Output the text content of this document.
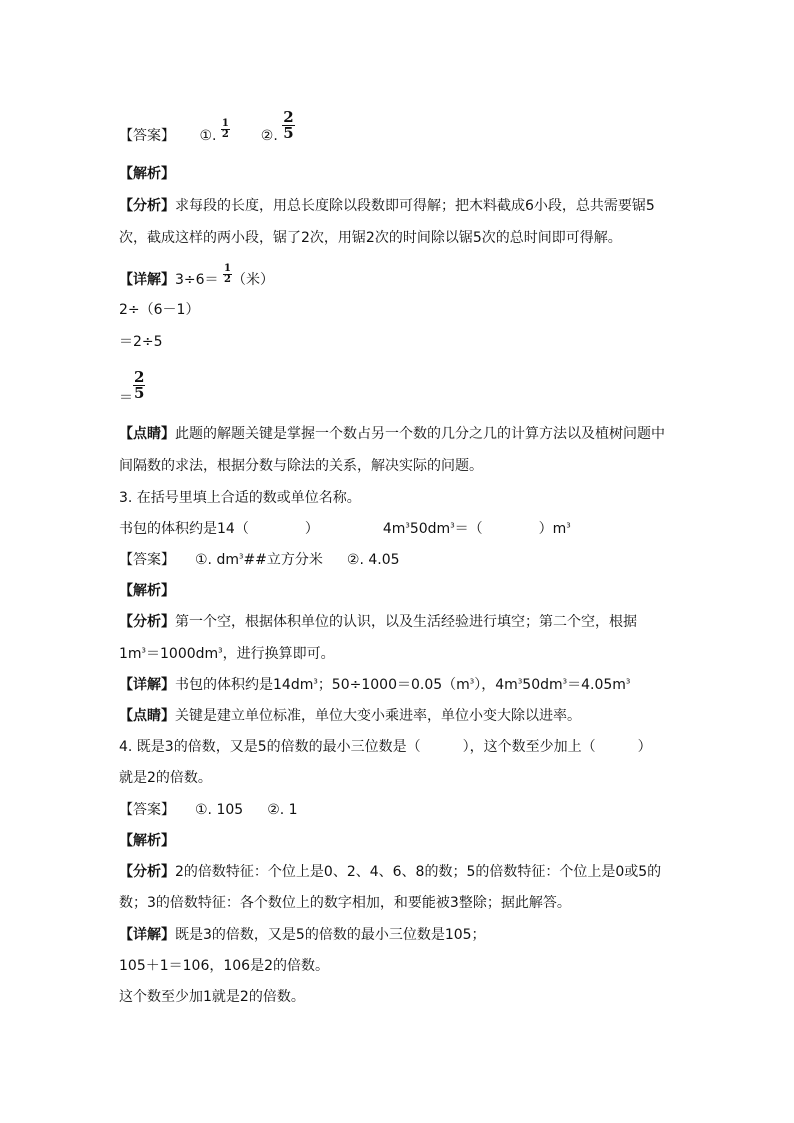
【答案】 ①. $\frac{1}{2}$ ②. $\frac{2}{5}$
【解析】
【分析】求每段的长度，用总长度除以段数即可得解；把木料截成6小段，总共需要锯5
次，截成这样的两小段，锯了2次，用锯2次的时间除以锯5次的总时间即可得解。
【详解】$3\div 6= \frac{1}{2}$ （米）
2÷（6－1）
＝2÷5
＝ $\frac{2}{5}$
【点睛】此题的解题关键是掌握一个数占另一个数的几分之几的计算方法以及植树问题中
间隔数的求法，根据分数与除法的关系，解决实际的问题。
3. 在括号里填上合适的数或单位名称。
书包的体积约是14（　　　　）	$4m^350dm^3=$（　　　　）$m^3$
【答案】 ①. $dm^3\#\#$立方分米 ②. 4.05
【解析】
【分析】第一个空，根据体积单位的认识，以及生活经验进行填空；第二个空，根据
$1m^3=1000dm^3$，进行换算即可。
【详解】书包的体积约是$14dm^3$；$50\div 1000=0.05(m^3)$，$4m^350dm^3=4.05m^3$
【点睛】关键是建立单位标准，单位大变小乘进率，单位小变大除以进率。
4. 既是3的倍数，又是5的倍数的最小三位数是（　　　），这个数至少加上（　　　）
就是2的倍数。
【答案】 ①. 105 ②. 1
【解析】
【分析】2的倍数特征：个位上是0、2、4、6、8的数；5的倍数特征：个位上是0或5的
数；3的倍数特征：各个数位上的数字相加，和要能被3整除；据此解答。
【详解】既是3的倍数，又是5的倍数的最小三位数是105；
105＋1＝106，106是2的倍数。
这个数至少加1就是2的倍数。
